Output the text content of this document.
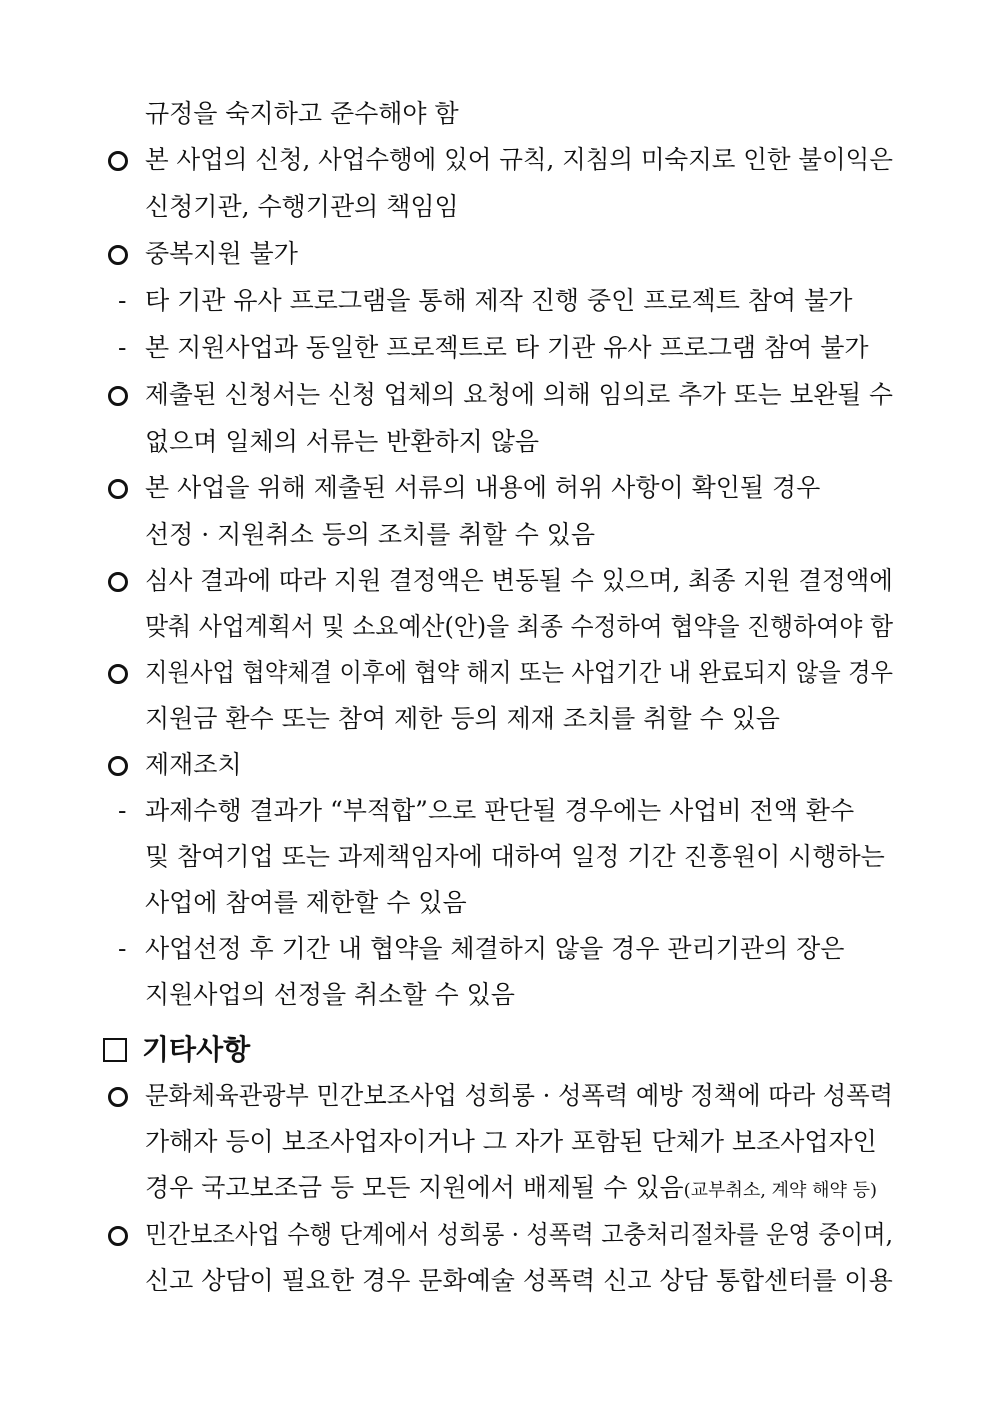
규정을 숙지하고 준수해야 함
본 사업의 신청, 사업수행에 있어 규칙, 지침의 미숙지로 인한 불이익은
신청기관, 수행기관의 책임임
중복지원 불가
- 타 기관 유사 프로그램을 통해 제작 진행 중인 프로젝트 참여 불가
- 본 지원사업과 동일한 프로젝트로 타 기관 유사 프로그램 참여 불가
제출된 신청서는 신청 업체의 요청에 의해 임의로 추가 또는 보완될 수
없으며 일체의 서류는 반환하지 않음
본 사업을 위해 제출된 서류의 내용에 허위 사항이 확인될 경우
선정 · 지원취소 등의 조치를 취할 수 있음
심사 결과에 따라 지원 결정액은 변동될 수 있으며, 최종 지원 결정액에
맞춰 사업계획서 및 소요예산(안)을 최종 수정하여 협약을 진행하여야 함
지원사업 협약체결 이후에 협약 해지 또는 사업기간 내 완료되지 않을 경우
지원금 환수 또는 참여 제한 등의 제재 조치를 취할 수 있음
제재조치
- 과제수행 결과가 “부적합”으로 판단될 경우에는 사업비 전액 환수
및 참여기업 또는 과제책임자에 대하여 일정 기간 진흥원이 시행하는
사업에 참여를 제한할 수 있음
- 사업선정 후 기간 내 협약을 체결하지 않을 경우 관리기관의 장은
지원사업의 선정을 취소할 수 있음
기타사항
문화체육관광부 민간보조사업 성희롱 · 성폭력 예방 정책에 따라 성폭력
가해자 등이 보조사업자이거나 그 자가 포함된 단체가 보조사업자인
경우 국고보조금 등 모든 지원에서 배제될 수 있음(교부취소, 계약 해약 등)
민간보조사업 수행 단계에서 성희롱 · 성폭력 고충처리절차를 운영 중이며,
신고 상담이 필요한 경우 문화예술 성폭력 신고 상담 통합센터를 이용
